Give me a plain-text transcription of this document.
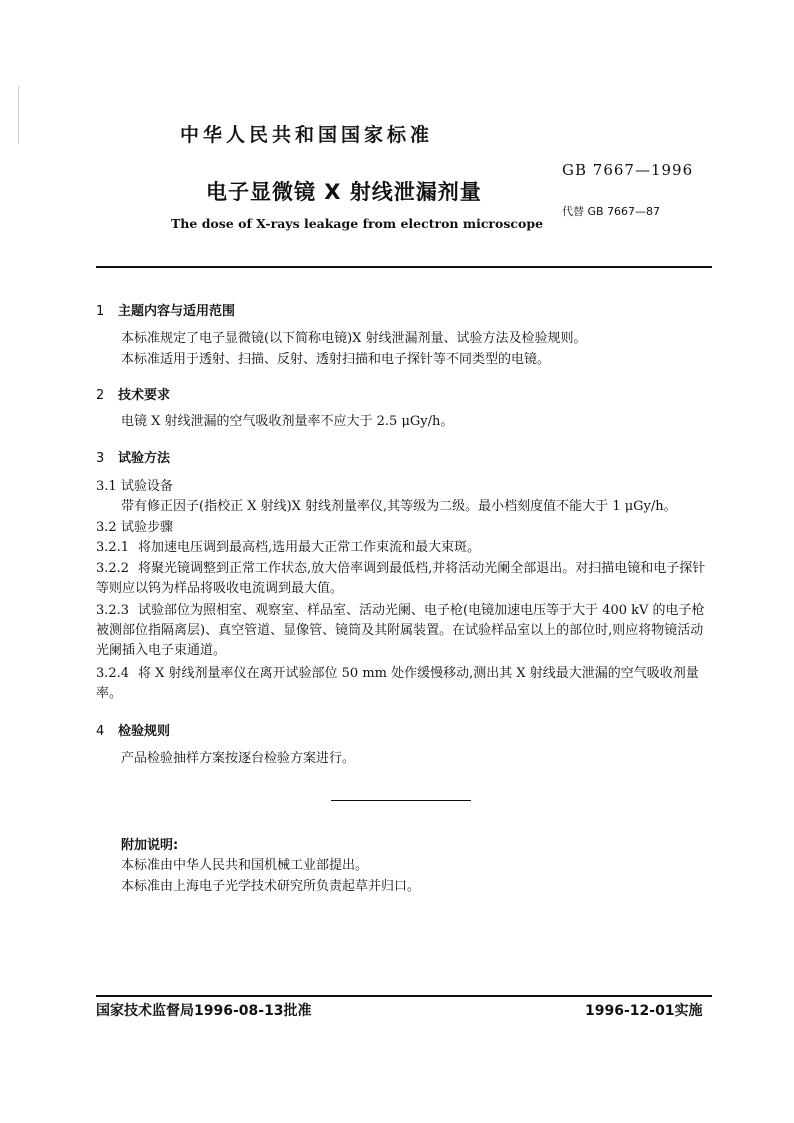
中华人民共和国国家标准
GB 7667—1996
电子显微镜 X 射线泄漏剂量
代替 GB 7667—87
The dose of X-rays leakage from electron microscope
1 主题内容与适用范围
本标准规定了电子显微镜(以下简称电镜)X 射线泄漏剂量、试验方法及检验规则。
本标准适用于透射、扫描、反射、透射扫描和电子探针等不同类型的电镜。
2 技术要求
电镜 X 射线泄漏的空气吸收剂量率不应大于 2.5 μGy/h。
3 试验方法
3.1 试验设备
带有修正因子(指校正 X 射线)X 射线剂量率仪,其等级为二级。最小档刻度值不能大于 1 μGy/h。
3.2 试验步骤
3.2.1 将加速电压调到最高档,选用最大正常工作束流和最大束斑。
3.2.2 将聚光镜调整到正常工作状态,放大倍率调到最低档,并将活动光阑全部退出。对扫描电镜和电子探针等则应以钨为样品将吸收电流调到最大值。
3.2.3 试验部位为照相室、观察室、样品室、活动光阑、电子枪(电镜加速电压等于大于 400 kV 的电子枪被测部位指隔离层)、真空管道、显像管、镜筒及其附属装置。在试验样品室以上的部位时,则应将物镜活动光阑插入电子束通道。
3.2.4 将 X 射线剂量率仪在离开试验部位 50 mm 处作缓慢移动,测出其 X 射线最大泄漏的空气吸收剂量率。
4 检验规则
产品检验抽样方案按逐台检验方案进行。
附加说明:
本标准由中华人民共和国机械工业部提出。
本标准由上海电子光学技术研究所负责起草并归口。
国家技术监督局1996-08-13批准	1996-12-01实施
